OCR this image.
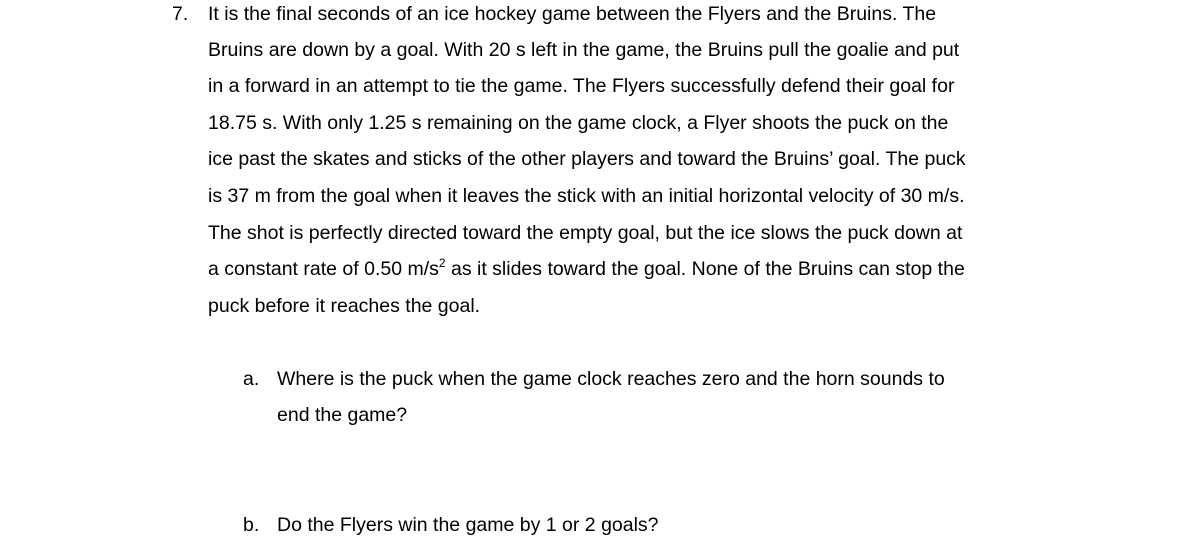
7. It is the final seconds of an ice hockey game between the Flyers and the Bruins. The
Bruins are down by a goal. With 20 s left in the game, the Bruins pull the goalie and put
in a forward in an attempt to tie the game. The Flyers successfully defend their goal for
18.75 s. With only 1.25 s remaining on the game clock, a Flyer shoots the puck on the
ice past the skates and sticks of the other players and toward the Bruins’ goal. The puck
is 37 m from the goal when it leaves the stick with an initial horizontal velocity of 30 m/s.
The shot is perfectly directed toward the empty goal, but the ice slows the puck down at
a constant rate of 0.50 $m/s^2$ as it slides toward the goal. None of the Bruins can stop the
puck before it reaches the goal.
a. Where is the puck when the game clock reaches zero and the horn sounds to
end the game?
b. Do the Flyers win the game by 1 or 2 goals?
